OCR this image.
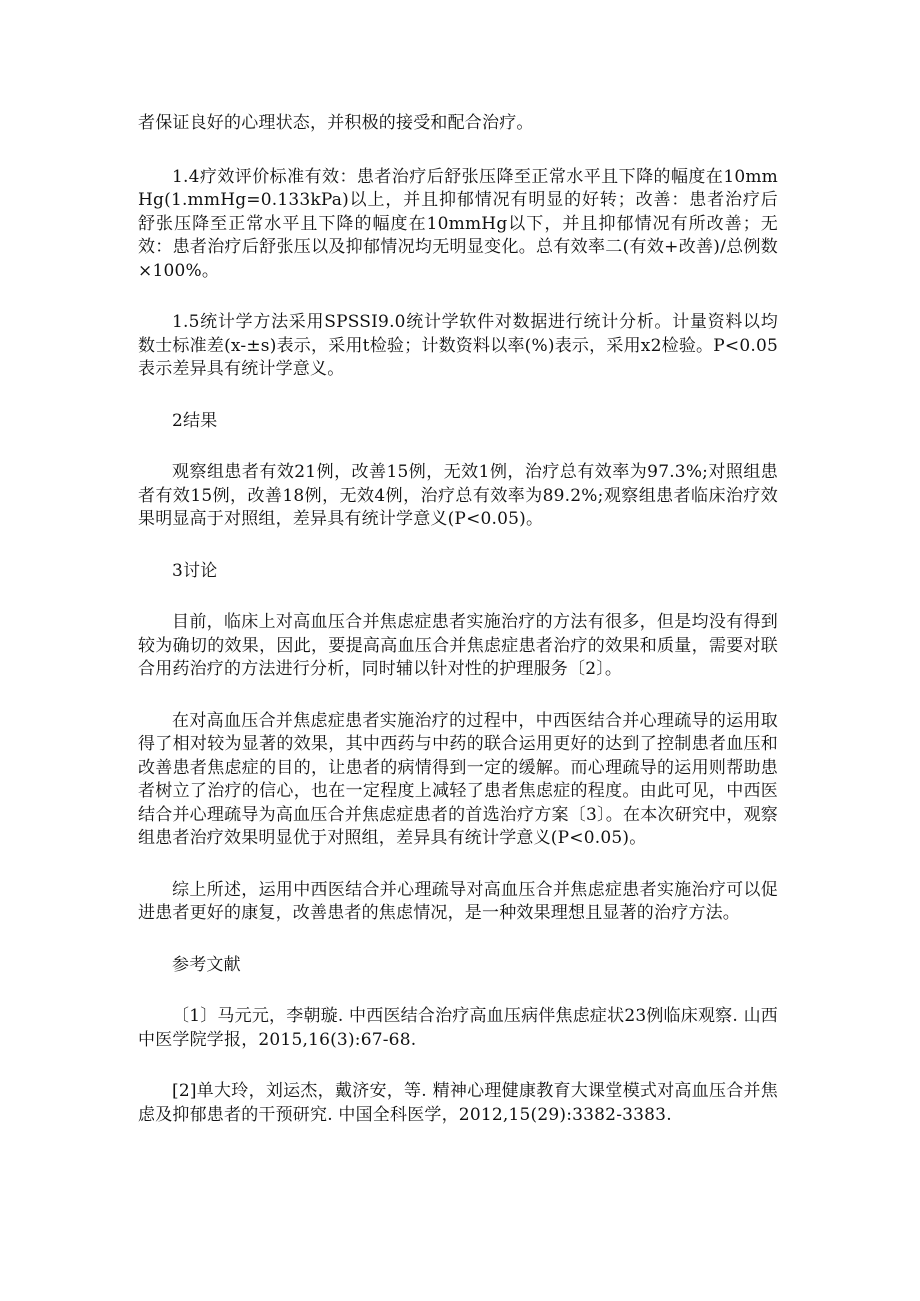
者保证良好的心理状态，并积极的接受和配合治疗。

1.4疗效评价标准有效：患者治疗后舒张压降至正常水平且下降的幅度在10mmHg(1.mmHg=0.133kPa)以上，并且抑郁情况有明显的好转；改善：患者治疗后舒张压降至正常水平且下降的幅度在10mmHg以下，并且抑郁情况有所改善；无效：患者治疗后舒张压以及抑郁情况均无明显变化。总有效率二(有效+改善)/总例数×100%。

1.5统计学方法采用SPSSI9.0统计学软件对数据进行统计分析。计量资料以均数士标准差(x-±s)表示，采用t检验；计数资料以率(%)表示，采用x2检验。P<0.05表示差异具有统计学意义。

2结果

观察组患者有效21例，改善15例，无效1例，治疗总有效率为97.3%;对照组患者有效15例，改善18例，无效4例，治疗总有效率为89.2%;观察组患者临床治疗效果明显高于对照组，差异具有统计学意义(P<0.05)。

3讨论

目前，临床上对高血压合并焦虑症患者实施治疗的方法有很多，但是均没有得到较为确切的效果，因此，要提高高血压合并焦虑症患者治疗的效果和质量，需要对联合用药治疗的方法进行分析，同时辅以针对性的护理服务〔2〕。

在对高血压合并焦虑症患者实施治疗的过程中，中西医结合并心理疏导的运用取得了相对较为显著的效果，其中西药与中药的联合运用更好的达到了控制患者血压和改善患者焦虑症的目的，让患者的病情得到一定的缓解。而心理疏导的运用则帮助患者树立了治疗的信心，也在一定程度上减轻了患者焦虑症的程度。由此可见，中西医结合并心理疏导为高血压合并焦虑症患者的首选治疗方案〔3〕。在本次研究中，观察组患者治疗效果明显优于对照组，差异具有统计学意义(P<0.05)。

综上所述，运用中西医结合并心理疏导对高血压合并焦虑症患者实施治疗可以促进患者更好的康复，改善患者的焦虑情况，是一种效果理想且显著的治疗方法。

参考文献

〔1〕马元元，李朝璇. 中西医结合治疗高血压病伴焦虑症状23例临床观察. 山西中医学院学报，2015,16(3):67-68.

[2]单大玲，刘运杰，戴济安，等. 精神心理健康教育大课堂模式对高血压合并焦虑及抑郁患者的干预研究. 中国全科医学，2012,15(29):3382-3383.
